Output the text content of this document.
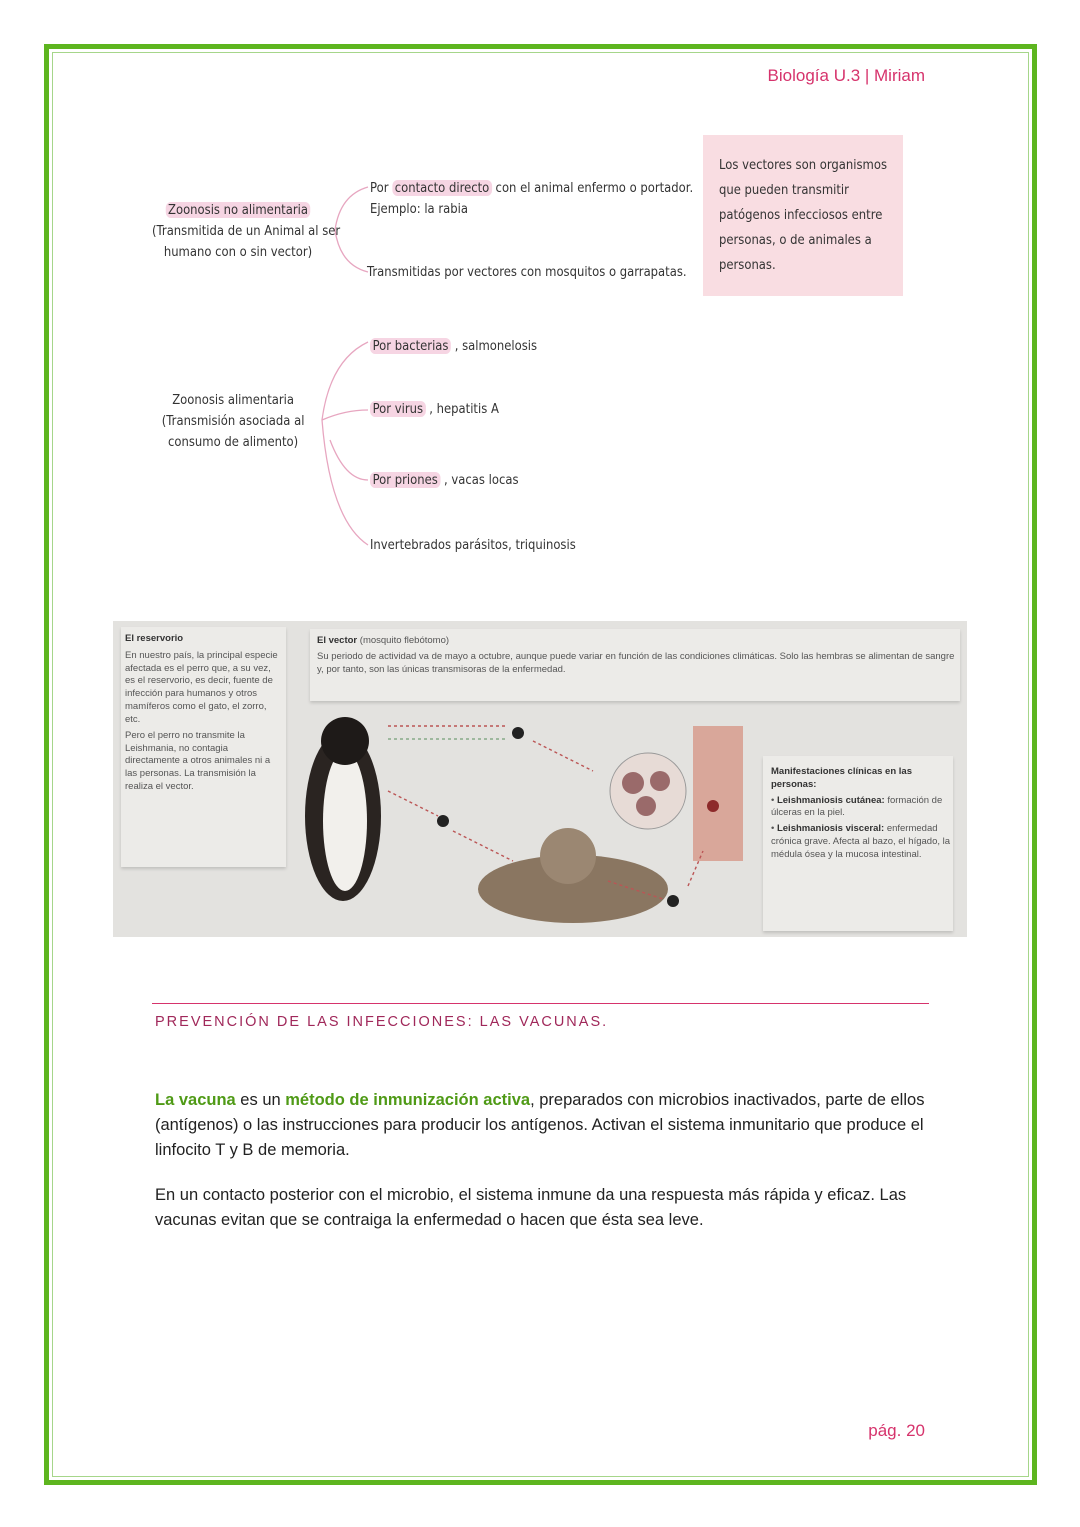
Biología U.3 | Miriam
Zoonosis no alimentaria
(Transmitida de un Animal al ser
humano con o sin vector)
Por contacto directo con el animal enfermo o portador.
Ejemplo: la rabia
Transmitidas por vectores con mosquitos o garrapatas.
Los vectores son organismos
que pueden transmitir
patógenos infecciosos entre
personas, o de animales a
personas.
Zoonosis alimentaria
(Transmisión asociada al
consumo de alimento)
Por bacterias , salmonelosis
Por virus , hepatitis A
Por priones , vacas locas
Invertebrados parásitos, triquinosis
El reservorio
En nuestro país, la principal especie afectada es el perro que, a su vez, es el reservorio, es decir, fuente de infección para humanos y otros mamíferos como el gato, el zorro, etc.
Pero el perro no transmite la Leishmania, no contagia directamente a otros animales ni a las personas. La transmisión la realiza el vector.
El vector (mosquito flebótomo)
Su periodo de actividad va de mayo a octubre, aunque puede variar en función de las condiciones climáticas. Solo las hembras se alimentan de sangre y, por tanto, son las únicas transmisoras de la enfermedad.
Manifestaciones clínicas en las personas:
• Leishmaniosis cutánea: formación de úlceras en la piel.
• Leishmaniosis visceral: enfermedad crónica grave. Afecta al bazo, el hígado, la médula ósea y la mucosa intestinal.
PREVENCIÓN DE LAS INFECCIONES: LAS VACUNAS.

La vacuna es un método de inmunización activa, preparados con microbios inactivados, parte de ellos (antígenos) o las instrucciones para producir los antígenos. Activan el sistema inmunitario que produce el linfocito T y B de memoria.

En un contacto posterior con el microbio, el sistema inmune da una respuesta más rápida y eficaz. Las vacunas evitan que se contraiga la enfermedad o hacen que ésta sea leve.

pág. 20
